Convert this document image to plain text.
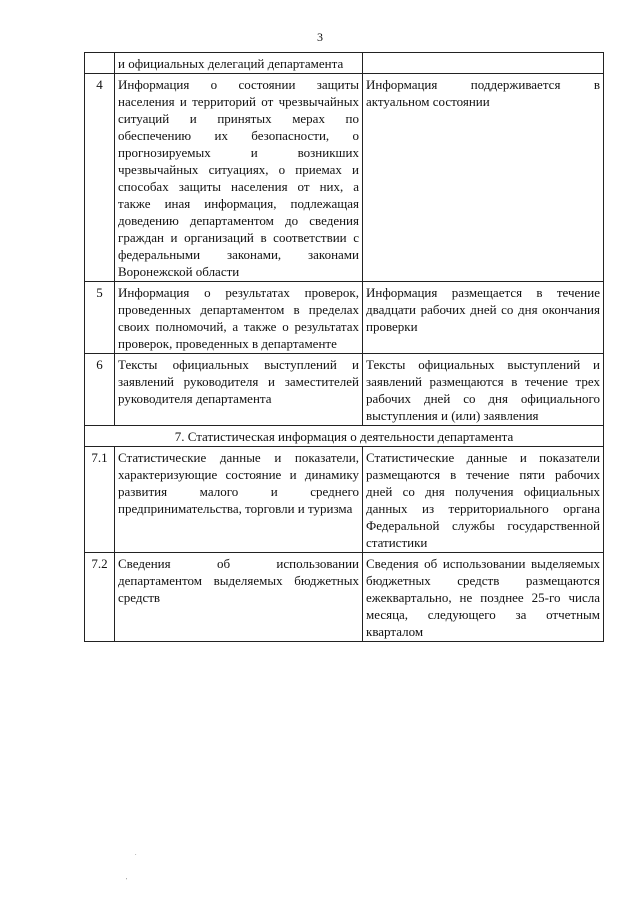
3
	и официальных делегаций департамента	
4	Информация о состоянии защиты населения и территорий от чрезвычайных ситуаций и принятых мерах по обеспечению их безопасности, о прогнозируемых и возникших чрезвычайных ситуациях, о приемах и способах защиты населения от них, а также иная информация, подлежащая доведению департаментом до сведения граждан и организаций в соответствии с федеральными законами, законами Воронежской области	Информация поддерживается в актуальном состоянии
5	Информация о результатах проверок, проведенных департаментом в пределах своих полномочий, а также о результатах проверок, проведенных в департаменте	Информация размещается в течение двадцати рабочих дней со дня окончания проверки
6	Тексты официальных выступлений и заявлений руководителя и заместителей руководителя департамента	Тексты официальных выступлений и заявлений размещаются в течение трех рабочих дней со дня официального выступления и (или) заявления
7. Статистическая информация о деятельности департамента		
7.1	Статистические данные и показатели, характеризующие состояние и динамику развития малого и среднего предпринимательства, торговли и туризма	Статистические данные и показатели размещаются в течение пяти рабочих дней со дня получения официальных данных из территориального органа Федеральной службы государственной статистики
7.2	Сведения об использовании департаментом выделяемых бюджетных средств	Сведения об использовании выделяемых бюджетных средств размещаются ежеквартально, не позднее 25-го числа месяца, следующего за отчетным кварталом
.
'
